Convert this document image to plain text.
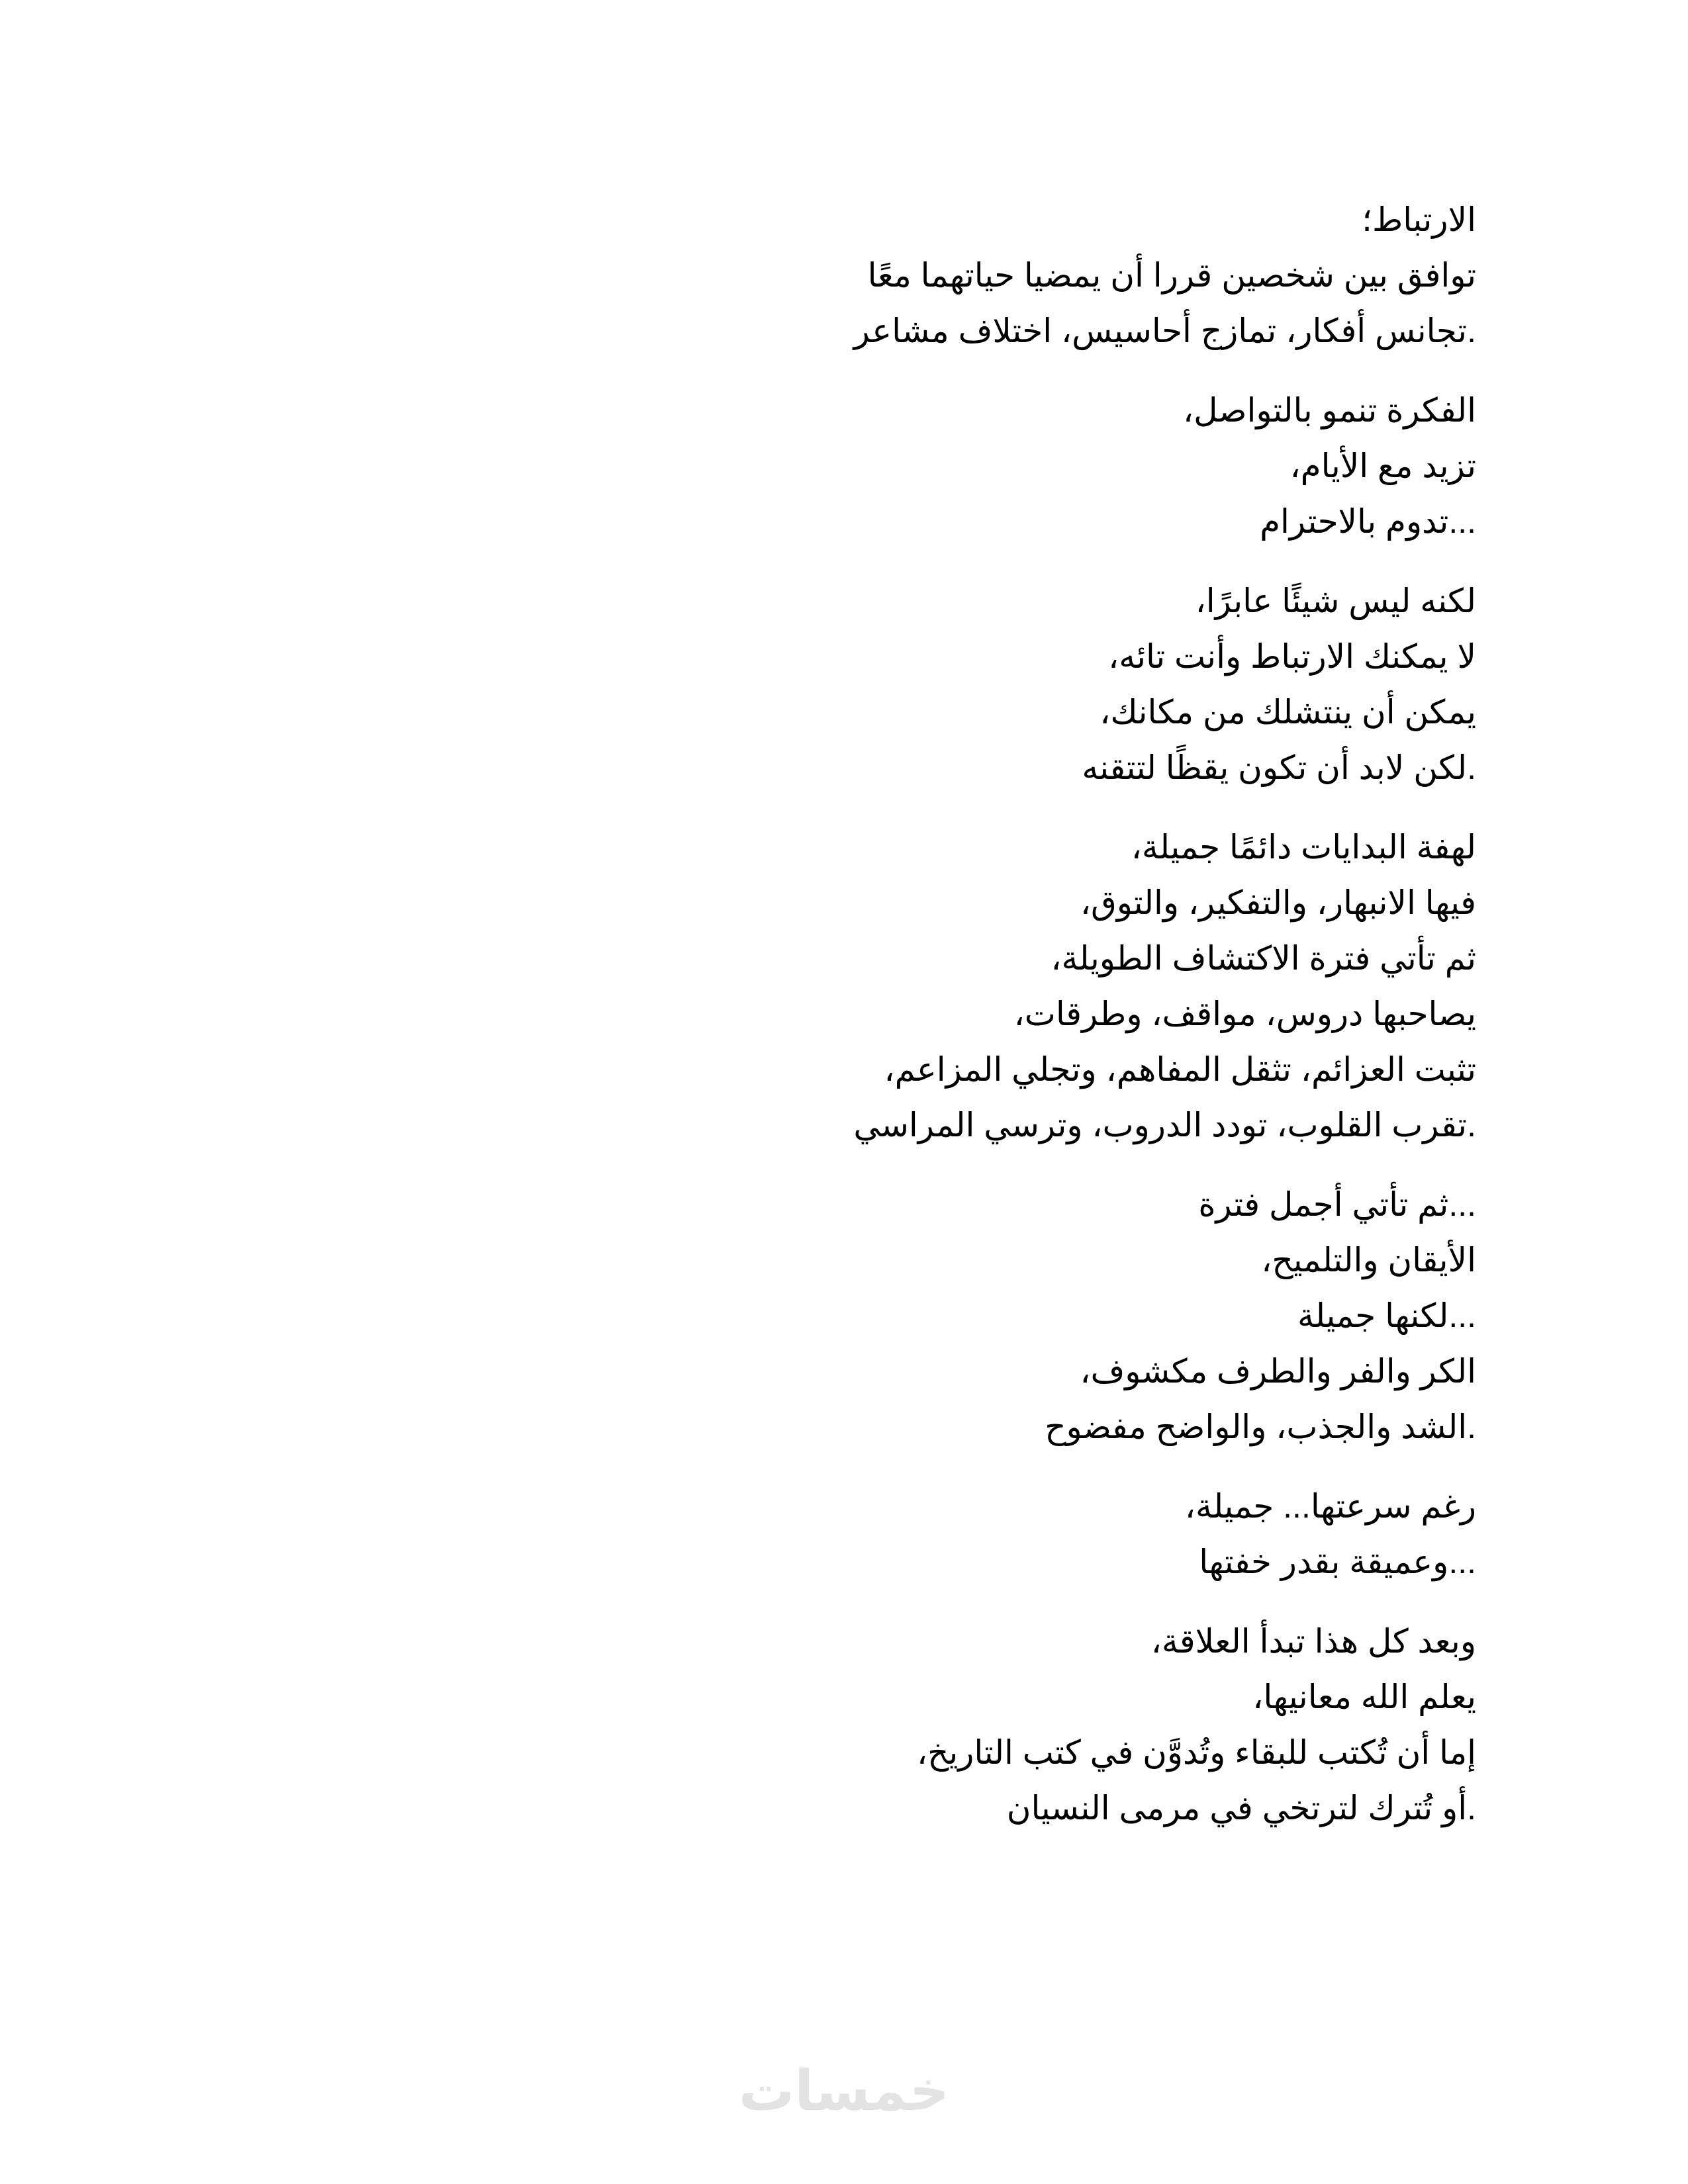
الارتباط؛
توافق بين شخصين قررا أن يمضيا حياتهما معًا
.تجانس أفكار، تمازج أحاسيس، اختلاف مشاعر
الفكرة تنمو بالتواصل،
تزيد مع الأيام،
...تدوم بالاحترام
لكنه ليس شيئًا عابرًا،
لا يمكنك الارتباط وأنت تائه،
يمكن أن ينتشلك من مكانك،
.لكن لابد أن تكون يقظًا لتتقنه
لهفة البدايات دائمًا جميلة،
فيها الانبهار، والتفكير، والتوق،
ثم تأتي فترة الاكتشاف الطويلة،
يصاحبها دروس، مواقف، وطرقات،
تثبت العزائم، تثقل المفاهم، وتجلي المزاعم،
.تقرب القلوب، تودد الدروب، وترسي المراسي
...ثم تأتي أجمل فترة
الأيقان والتلميح،
...لكنها جميلة
الكر والفر والطرف مكشوف،
.الشد والجذب، والواضح مفضوح
رغم سرعتها... جميلة،
...وعميقة بقدر خفتها
وبعد كل هذا تبدأ العلاقة،
يعلم الله معانيها،
إما أن تُكتب للبقاء وتُدوَّن في كتب التاريخ،
.أو تُترك لترتخي في مرمى النسيان
خمسات
